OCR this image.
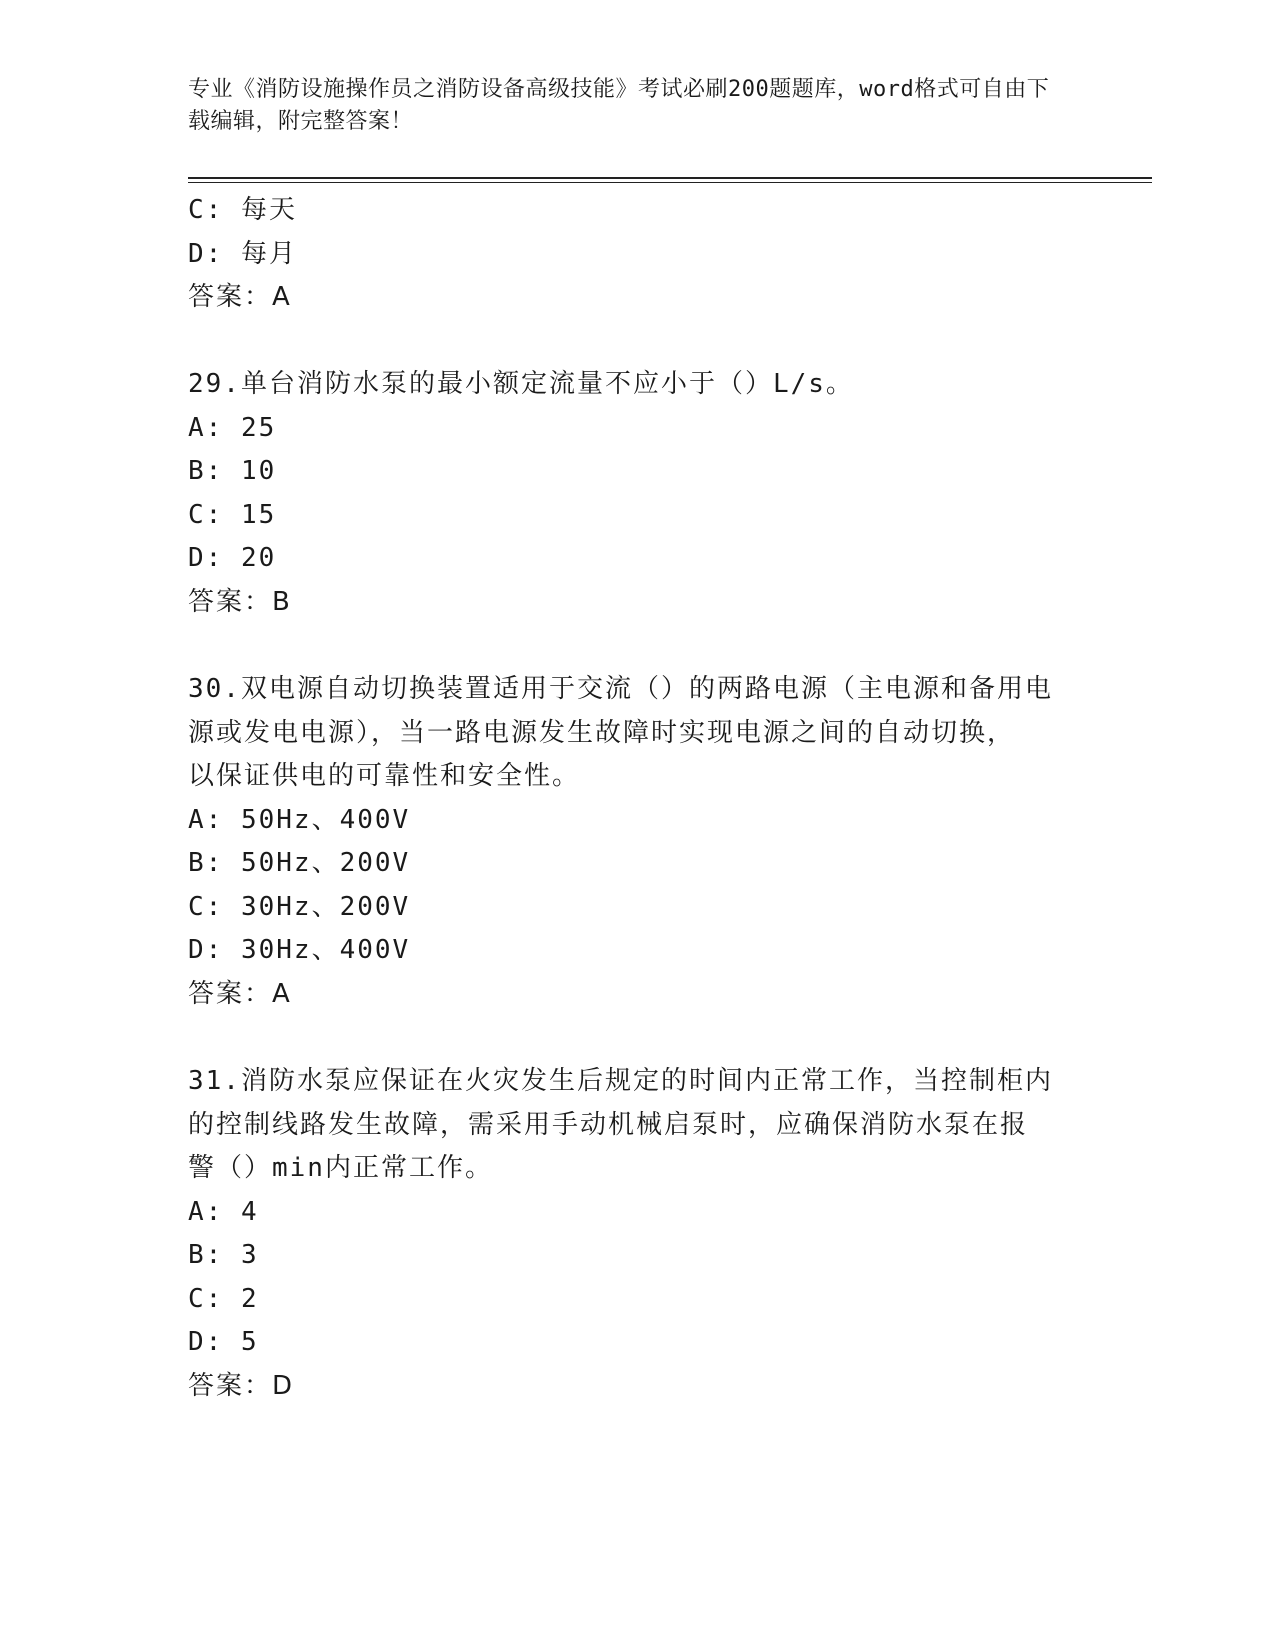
专业《消防设施操作员之消防设备高级技能》考试必刷200题题库，word格式可自由下载编辑，附完整答案！
C: 每天
D: 每月
答案：A
29.单台消防水泵的最小额定流量不应小于（）L/s。
A: 25
B: 10
C: 15
D: 20
答案：B
30.双电源自动切换装置适用于交流（）的两路电源（主电源和备用电
源或发电电源），当一路电源发生故障时实现电源之间的自动切换，
以保证供电的可靠性和安全性。
A: 50Hz、400V
B: 50Hz、200V
C: 30Hz、200V
D: 30Hz、400V
答案：A
31.消防水泵应保证在火灾发生后规定的时间内正常工作，当控制柜内
的控制线路发生故障，需采用手动机械启泵时，应确保消防水泵在报
警（）min内正常工作。
A: 4
B: 3
C: 2
D: 5
答案：D
